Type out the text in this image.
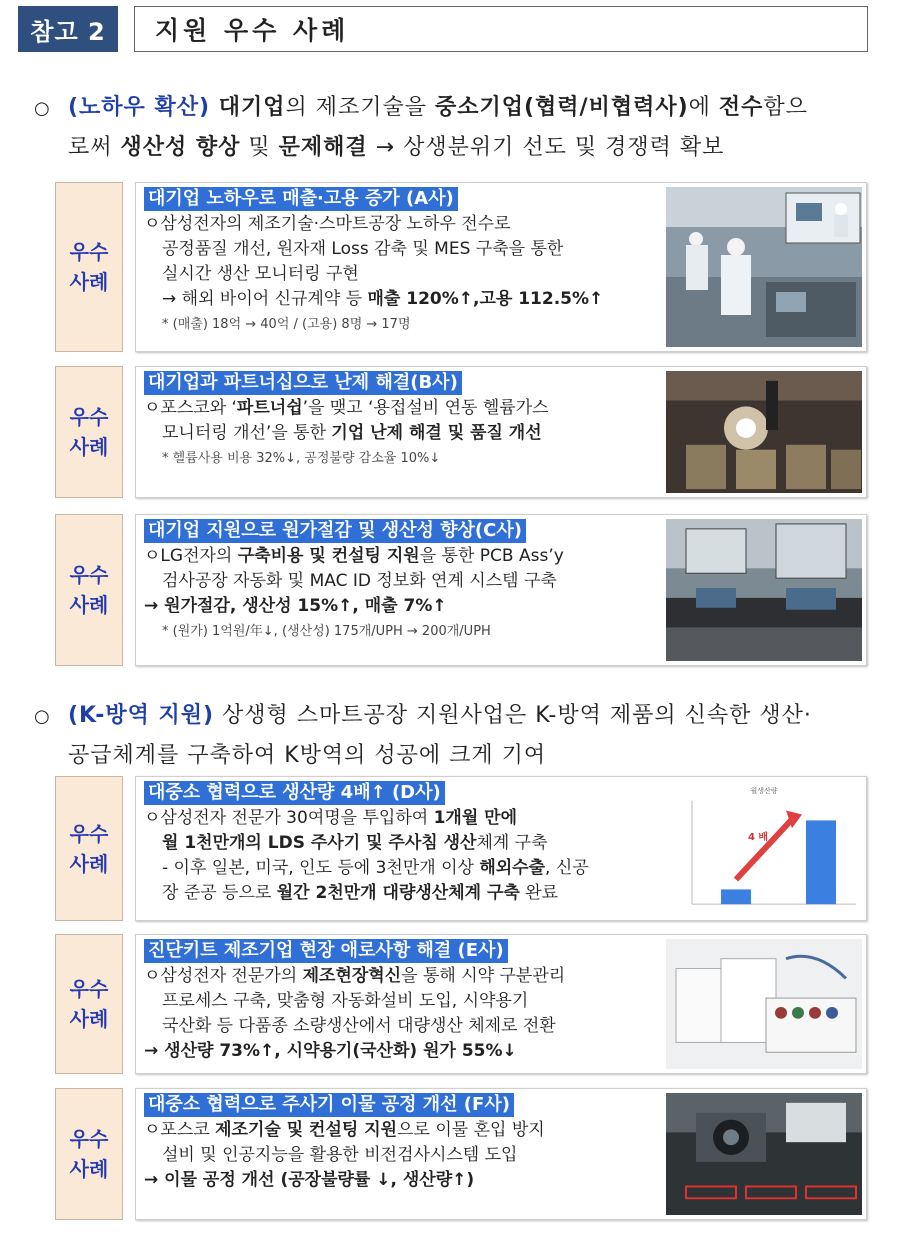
참고 2	지원 우수 사례
○ (노하우 확산) 대기업의 제조기술을 중소기업(협력/비협력사)에 전수함으
로써 생산성 향상 및 문제해결 → 상생분위기 선도 및 경쟁력 확보
우수
사례
대기업 노하우로 매출·고용 증가 (A사)
ㅇ삼성전자의 제조기술·스마트공장 노하우 전수로
공정품질 개선, 원자재 Loss 감축 및 MES 구축을 통한
실시간 생산 모니터링 구현
→ 해외 바이어 신규계약 등 매출 120%↑,고용 112.5%↑
* (매출) 18억 → 40억 / (고용) 8명 → 17명
우수
사례
대기업과 파트너십으로 난제 해결(B사)
ㅇ포스코와 ‘파트너쉽’을 맺고 ‘용접설비 연동 헬륨가스
모니터링 개선’을 통한 기업 난제 해결 및 품질 개선
* 헬륨사용 비용 32%↓, 공정불량 감소율 10%↓
우수
사례
대기업 지원으로 원가절감 및 생산성 향상(C사)
ㅇLG전자의 구축비용 및 컨설팅 지원을 통한 PCB Ass’y
검사공장 자동화 및 MAC ID 정보화 연계 시스템 구축
→ 원가절감, 생산성 15%↑, 매출 7%↑
* (원가) 1억원/年↓, (생산성) 175개/UPH → 200개/UPH
○ (K-방역 지원) 상생형 스마트공장 지원사업은 K-방역 제품의 신속한 생산·
공급체계를 구축하여 K방역의 성공에 크게 기여
우수
사례
대중소 협력으로 생산량 4배↑ (D사)
ㅇ삼성전자 전문가 30여명을 투입하여 1개월 만에
월 1천만개의 LDS 주사기 및 주사침 생산체계 구축
- 이후 일본, 미국, 인도 등에 3천만개 이상 해외수출, 신공
장 준공 등으로 월간 2천만개 대량생산체계 구축 완료
월생산량
4 배
우수
사례
진단키트 제조기업 현장 애로사항 해결 (E사)
ㅇ삼성전자 전문가의 제조현장혁신을 통해 시약 구분관리
프로세스 구축, 맞춤형 자동화설비 도입, 시약용기
국산화 등 다품종 소량생산에서 대량생산 체제로 전환
→ 생산량 73%↑, 시약용기(국산화) 원가 55%↓
우수
사례
대중소 협력으로 주사기 이물 공정 개선 (F사)
ㅇ포스코 제조기술 및 컨설팅 지원으로 이물 혼입 방지
설비 및 인공지능을 활용한 비전검사시스템 도입
→ 이물 공정 개선 (공장불량률 ↓, 생산량↑)
